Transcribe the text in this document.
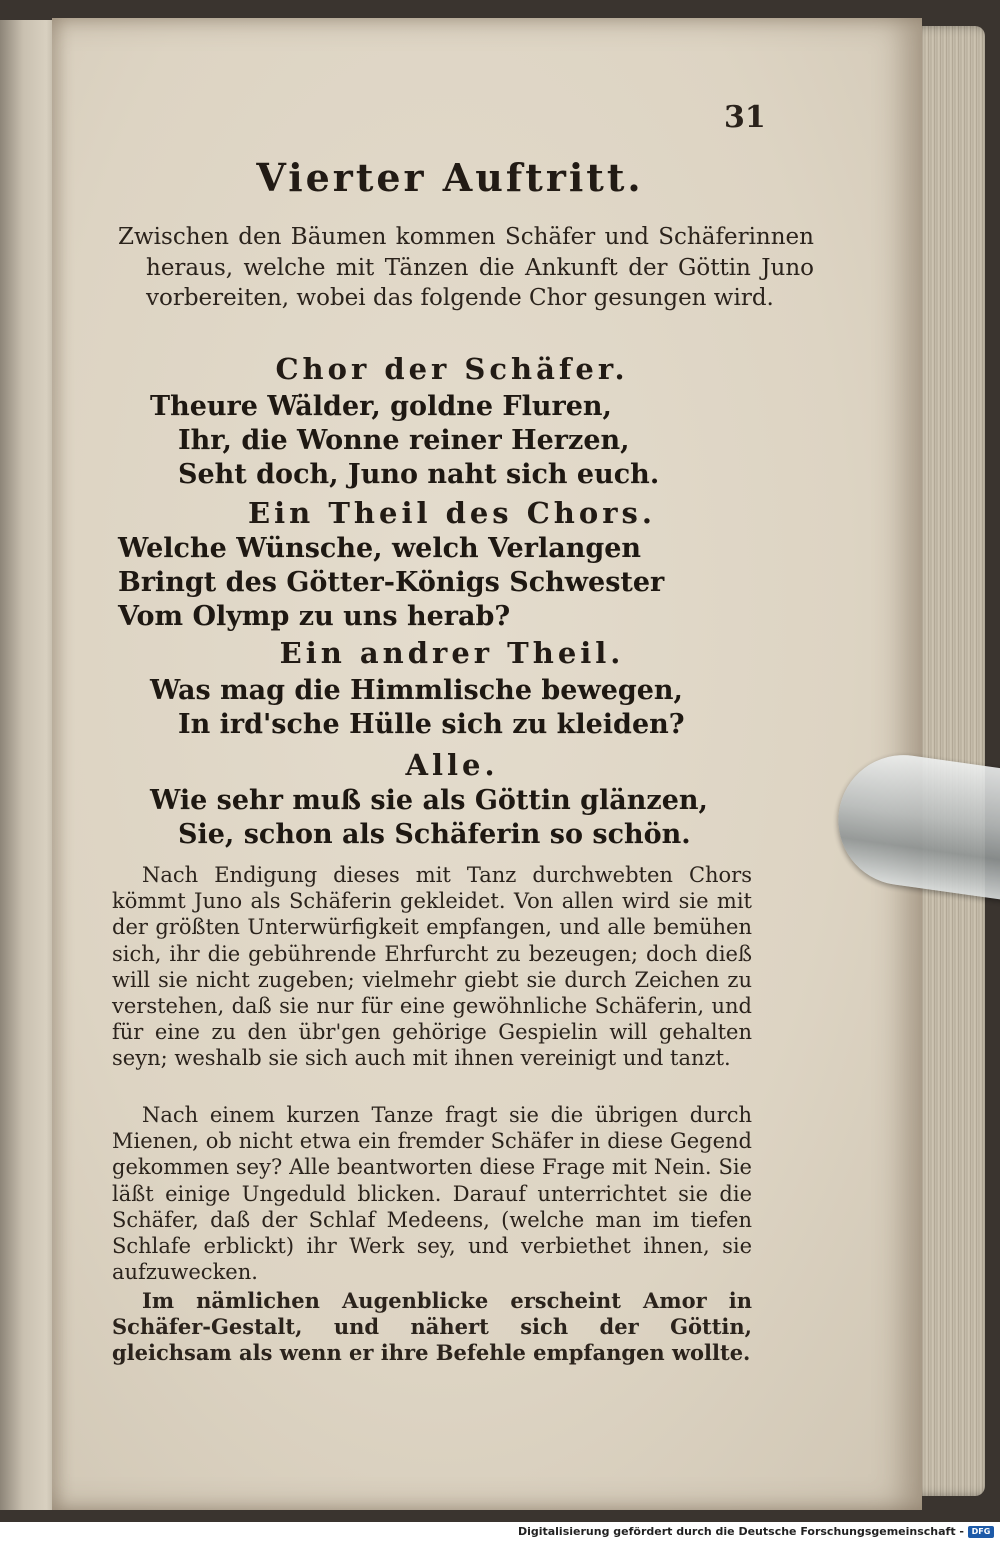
31
Vierter Auftritt.
Zwischen den Bäumen kommen Schäfer und Schäferinnen heraus, welche mit Tänzen die Ankunft der Göttin Juno vorbereiten, wobei das folgende Chor gesungen wird.
Chor der Schäfer.
Theure Wälder, goldne Fluren,
Ihr, die Wonne reiner Herzen,
Seht doch, Juno naht sich euch.
Ein Theil des Chors.
Welche Wünsche, welch Verlangen
Bringt des Götter-Königs Schwester
Vom Olymp zu uns herab?
Ein andrer Theil.
Was mag die Himmlische bewegen,
In ird'sche Hülle sich zu kleiden?
Alle.
Wie sehr muß sie als Göttin glänzen,
Sie, schon als Schäferin so schön.
Nach Endigung dieses mit Tanz durchwebten Chors kömmt Juno als Schäferin gekleidet. Von allen wird sie mit der größten Unterwürfigkeit empfangen, und alle bemühen sich, ihr die gebührende Ehrfurcht zu bezeugen; doch dieß will sie nicht zugeben; vielmehr giebt sie durch Zeichen zu verstehen, daß sie nur für eine gewöhnliche Schäferin, und für eine zu den übr'gen gehörige Gespielin will gehalten seyn; weshalb sie sich auch mit ihnen vereinigt und tanzt.
Nach einem kurzen Tanze fragt sie die übrigen durch Mienen, ob nicht etwa ein fremder Schäfer in diese Gegend gekommen sey? Alle beantworten diese Frage mit Nein. Sie läßt einige Ungeduld blicken. Darauf unterrichtet sie die Schäfer, daß der Schlaf Medeens, (welche man im tiefen Schlafe erblickt) ihr Werk sey, und verbiethet ihnen, sie aufzuwecken.
Im nämlichen Augenblicke erscheint Amor in Schäfer-Gestalt, und nähert sich der Göttin, gleichsam als wenn er ihre Befehle empfangen wollte.
Digitalisierung gefördert durch die Deutsche Forschungsgemeinschaft - DFG
